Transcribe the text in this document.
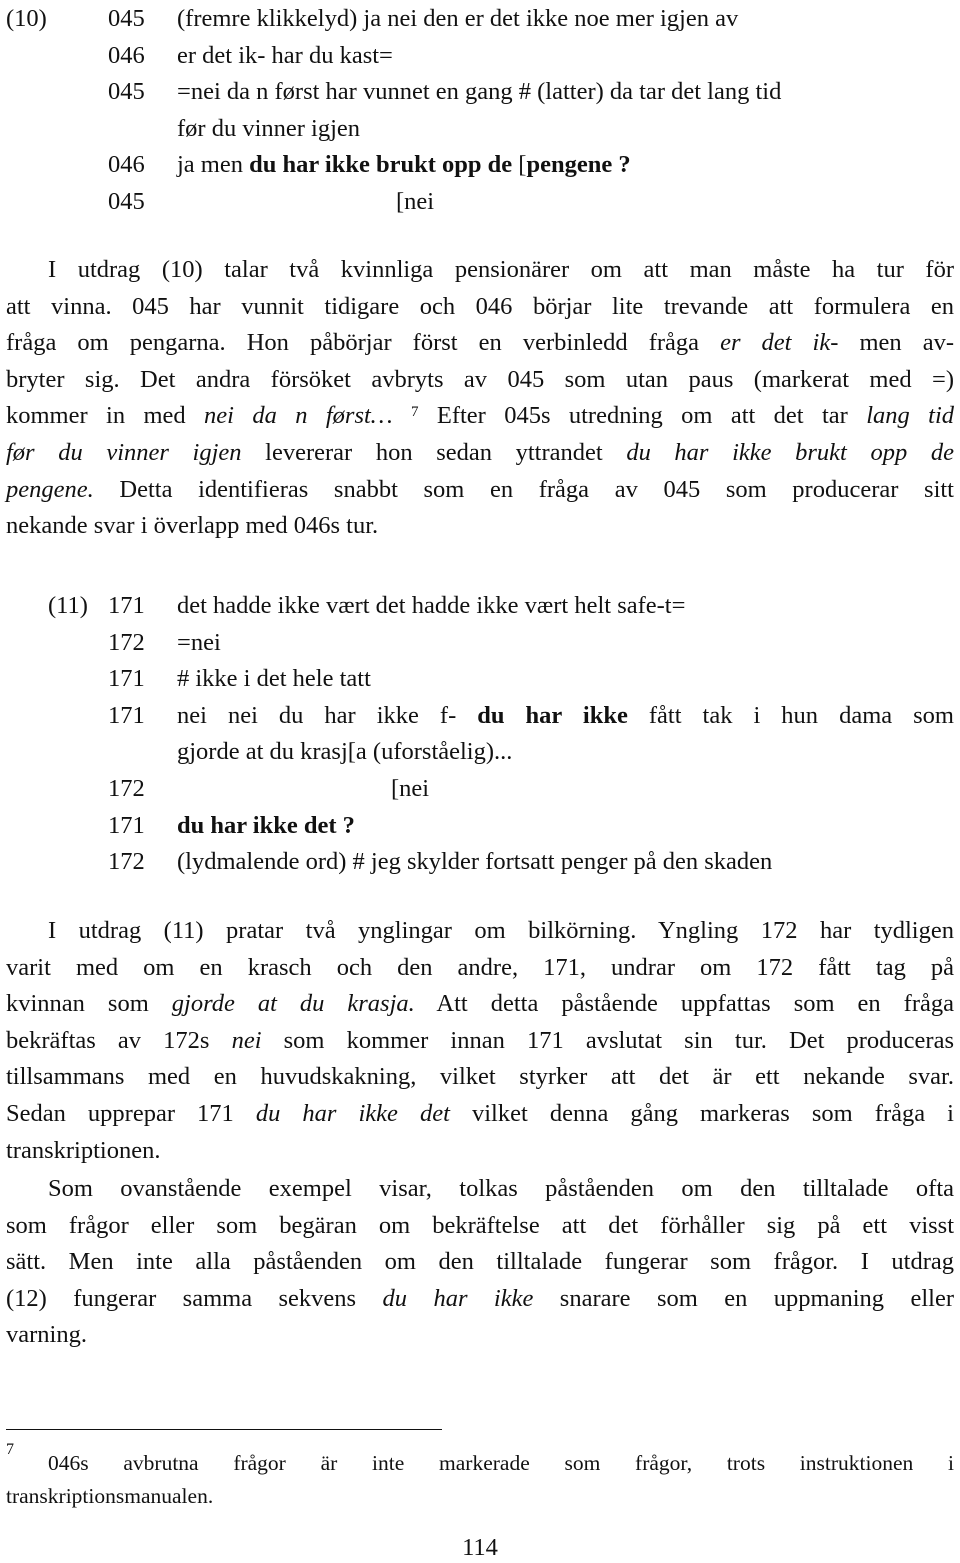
(10) 045 (fremre klikkelyd) ja nei den er det ikke noe mer igjen av
046 er det ik- har du kast=
045 =nei da n først har vunnet en gang # (latter) da tar det lang tid
før du vinner igjen
046 ja men du har ikke brukt opp de [pengene ?
045	[nei
I utdrag (10) talar två kvinnliga pensionärer om att man måste ha tur för
att vinna. 045 har vunnit tidigare och 046 börjar lite trevande att formulera en
fråga om pengarna. Hon påbörjar först en verbinledd fråga er det ik- men av-
bryter sig. Det andra försöket avbryts av 045 som utan paus (markerat med =)
kommer in med nei da n først… $^7$ Efter 045s utredning om att det tar lang tid
før du vinner igjen levererar hon sedan yttrandet du har ikke brukt opp de
pengene. Detta identifieras snabbt som en fråga av 045 som producerar sitt
nekande svar i överlapp med 046s tur.
(11) 171 det hadde ikke vært det hadde ikke vært helt safe-t=
172 =nei
171 # ikke i det hele tatt
171 nei nei du har ikke f- du har ikke fått tak i hun dama som
gjorde at du krasj[a (uforståelig)...
172	[nei
171 du har ikke det ?
172 (lydmalende ord) # jeg skylder fortsatt penger på den skaden
I utdrag (11) pratar två ynglingar om bilkörning. Yngling 172 har tydligen
varit med om en krasch och den andre, 171, undrar om 172 fått tag på
kvinnan som gjorde at du krasja. Att detta påstående uppfattas som en fråga
bekräftas av 172s nei som kommer innan 171 avslutat sin tur. Det produceras
tillsammans med en huvudskakning, vilket styrker att det är ett nekande svar.
Sedan upprepar 171 du har ikke det vilket denna gång markeras som fråga i
transkriptionen.
Som ovanstående exempel visar, tolkas påståenden om den tilltalade ofta
som frågor eller som begäran om bekräftelse att det förhåller sig på ett visst
sätt. Men inte alla påståenden om den tilltalade fungerar som frågor. I utdrag
(12) fungerar samma sekvens du har ikke snarare som en uppmaning eller
varning.
7
046s avbrutna frågor är inte markerade som frågor, trots instruktionen i
transkriptionsmanualen.
114
